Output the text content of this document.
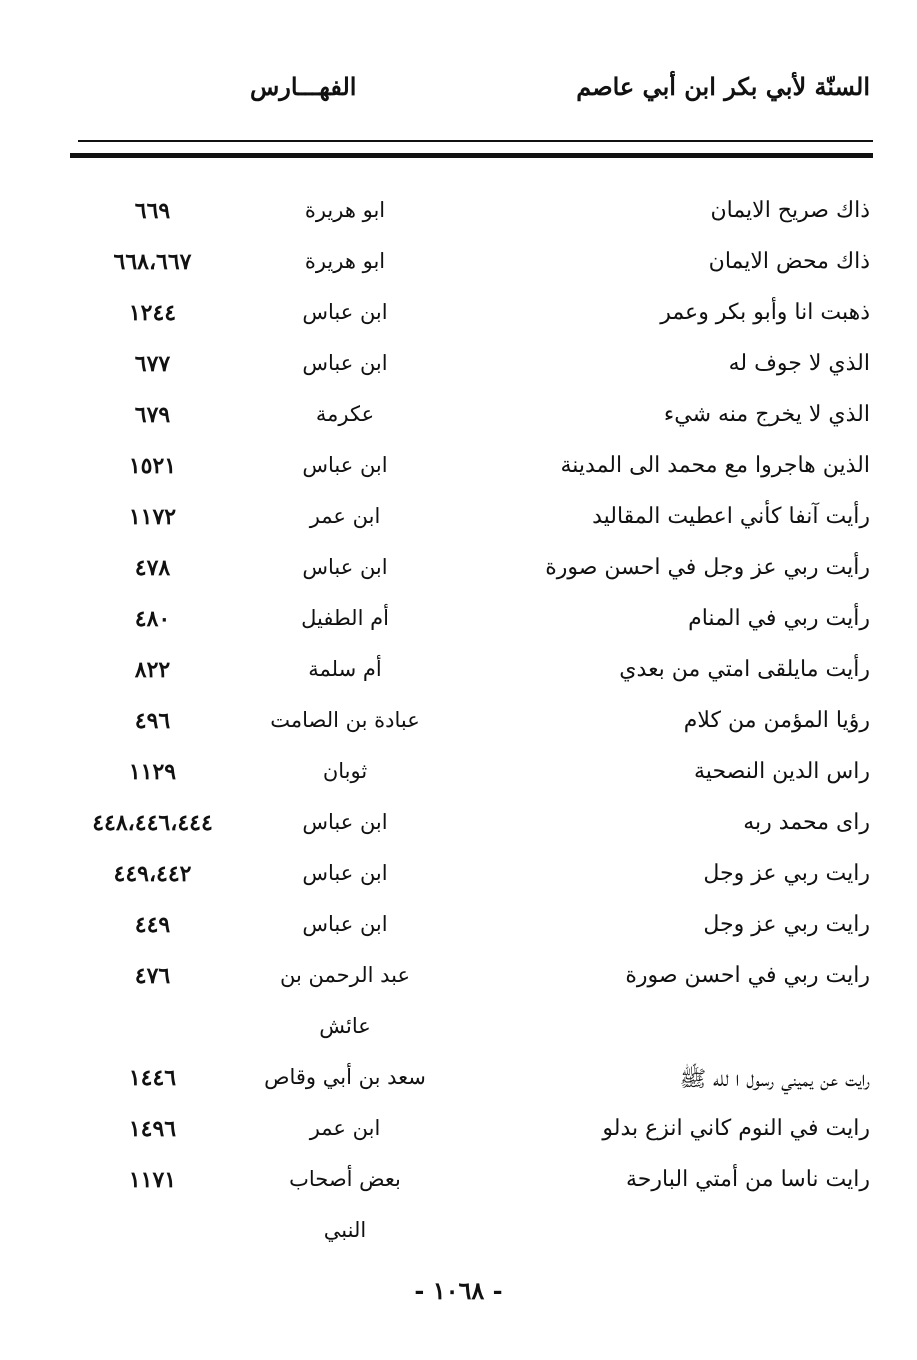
السنّة لأبي بكر ابن أبي عاصم
الفهـــارس
ذاك صريح الايمان
ابو هريرة
٦٦٩
ذاك محض الايمان
ابو هريرة
٦٦٨،٦٦٧
ذهبت انا وأبو بكر وعمر
ابن عباس
١٢٤٤
الذي لا جوف له
ابن عباس
٦٧٧
الذي لا يخرج منه شيء
عكرمة
٦٧٩
الذين هاجروا مع محمد الى المدينة
ابن عباس
١٥٢١
رأيت آنفا كأني اعطيت المقاليد
ابن عمر
١١٧٢
رأيت ربي عز وجل في احسن صورة
ابن عباس
٤٧٨
رأيت ربي في المنام
أم الطفيل
٤٨٠
رأيت مايلقى امتي من بعدي
أم سلمة
٨٢٢
رؤيا المؤمن من كلام
عبادة بن الصامت
٤٩٦
راس الدين النصحية
ثوبان
١١٢٩
راى محمد ربه
ابن عباس
٤٤٨،٤٤٦،٤٤٤
رايت ربي عز وجل
ابن عباس
٤٤٩،٤٤٢
رايت ربي عز وجل
ابن عباس
٤٤٩
رايت ربي في احسن صورة
عبد الرحمن بن
٤٧٦
عائش
رايت عن يميني رسول ا لله ﷺ
سعد بن أبي وقاص
١٤٤٦
رايت في النوم كاني انزع بدلو
ابن عمر
١٤٩٦
رايت ناسا من أمتي البارحة
بعض أصحاب
١١٧١
النبي
- ١٠٦٨ -
